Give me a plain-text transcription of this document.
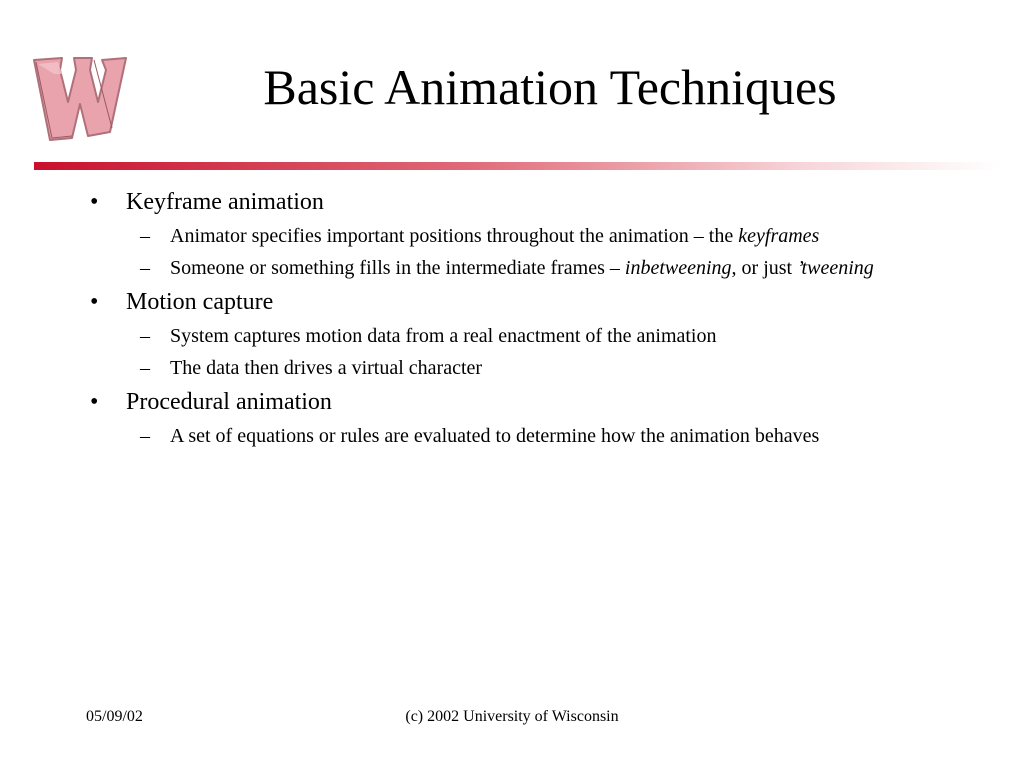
Basic Animation Techniques
• Keyframe animation
– Animator specifies important positions throughout the animation – the keyframes
– Someone or something fills in the intermediate frames – inbetweening, or just ’tweening
• Motion capture
– System captures motion data from a real enactment of the animation
– The data then drives a virtual character
• Procedural animation
– A set of equations or rules are evaluated to determine how the animation behaves
05/09/02	(c) 2002 University of Wisconsin
